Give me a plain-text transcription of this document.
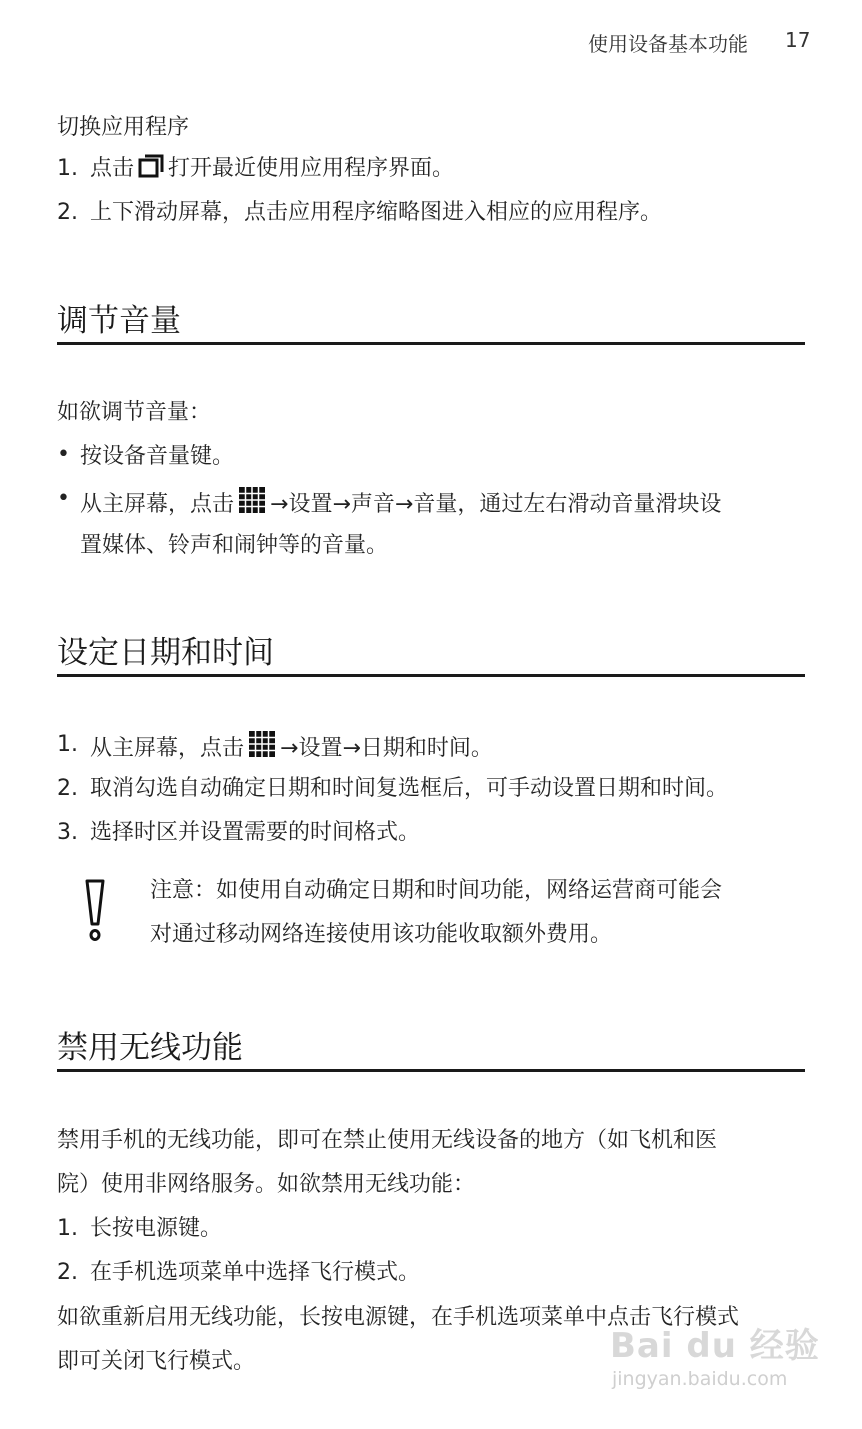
使用设备基本功能 17
切换应用程序
1. 点击 打开最近使用应用程序界面。
2. 上下滑动屏幕，点击应用程序缩略图进入相应的应用程序。
调节音量
如欲调节音量：
• 按设备音量键。
• 从主屏幕，点击 →设置→声音→音量，通过左右滑动音量滑块设
置媒体、铃声和闹钟等的音量。
设定日期和时间
1. 从主屏幕，点击 →设置→日期和时间。
2. 取消勾选自动确定日期和时间复选框后，可手动设置日期和时间。
3. 选择时区并设置需要的时间格式。
注意：如使用自动确定日期和时间功能，网络运营商可能会
对通过移动网络连接使用该功能收取额外费用。
禁用无线功能
禁用手机的无线功能，即可在禁止使用无线设备的地方（如飞机和医
院）使用非网络服务。如欲禁用无线功能：
1. 长按电源键。
2. 在手机选项菜单中选择飞行模式。
如欲重新启用无线功能，长按电源键，在手机选项菜单中点击飞行模式
即可关闭飞行模式。	Bai du 经验
jingyan.baidu.com
